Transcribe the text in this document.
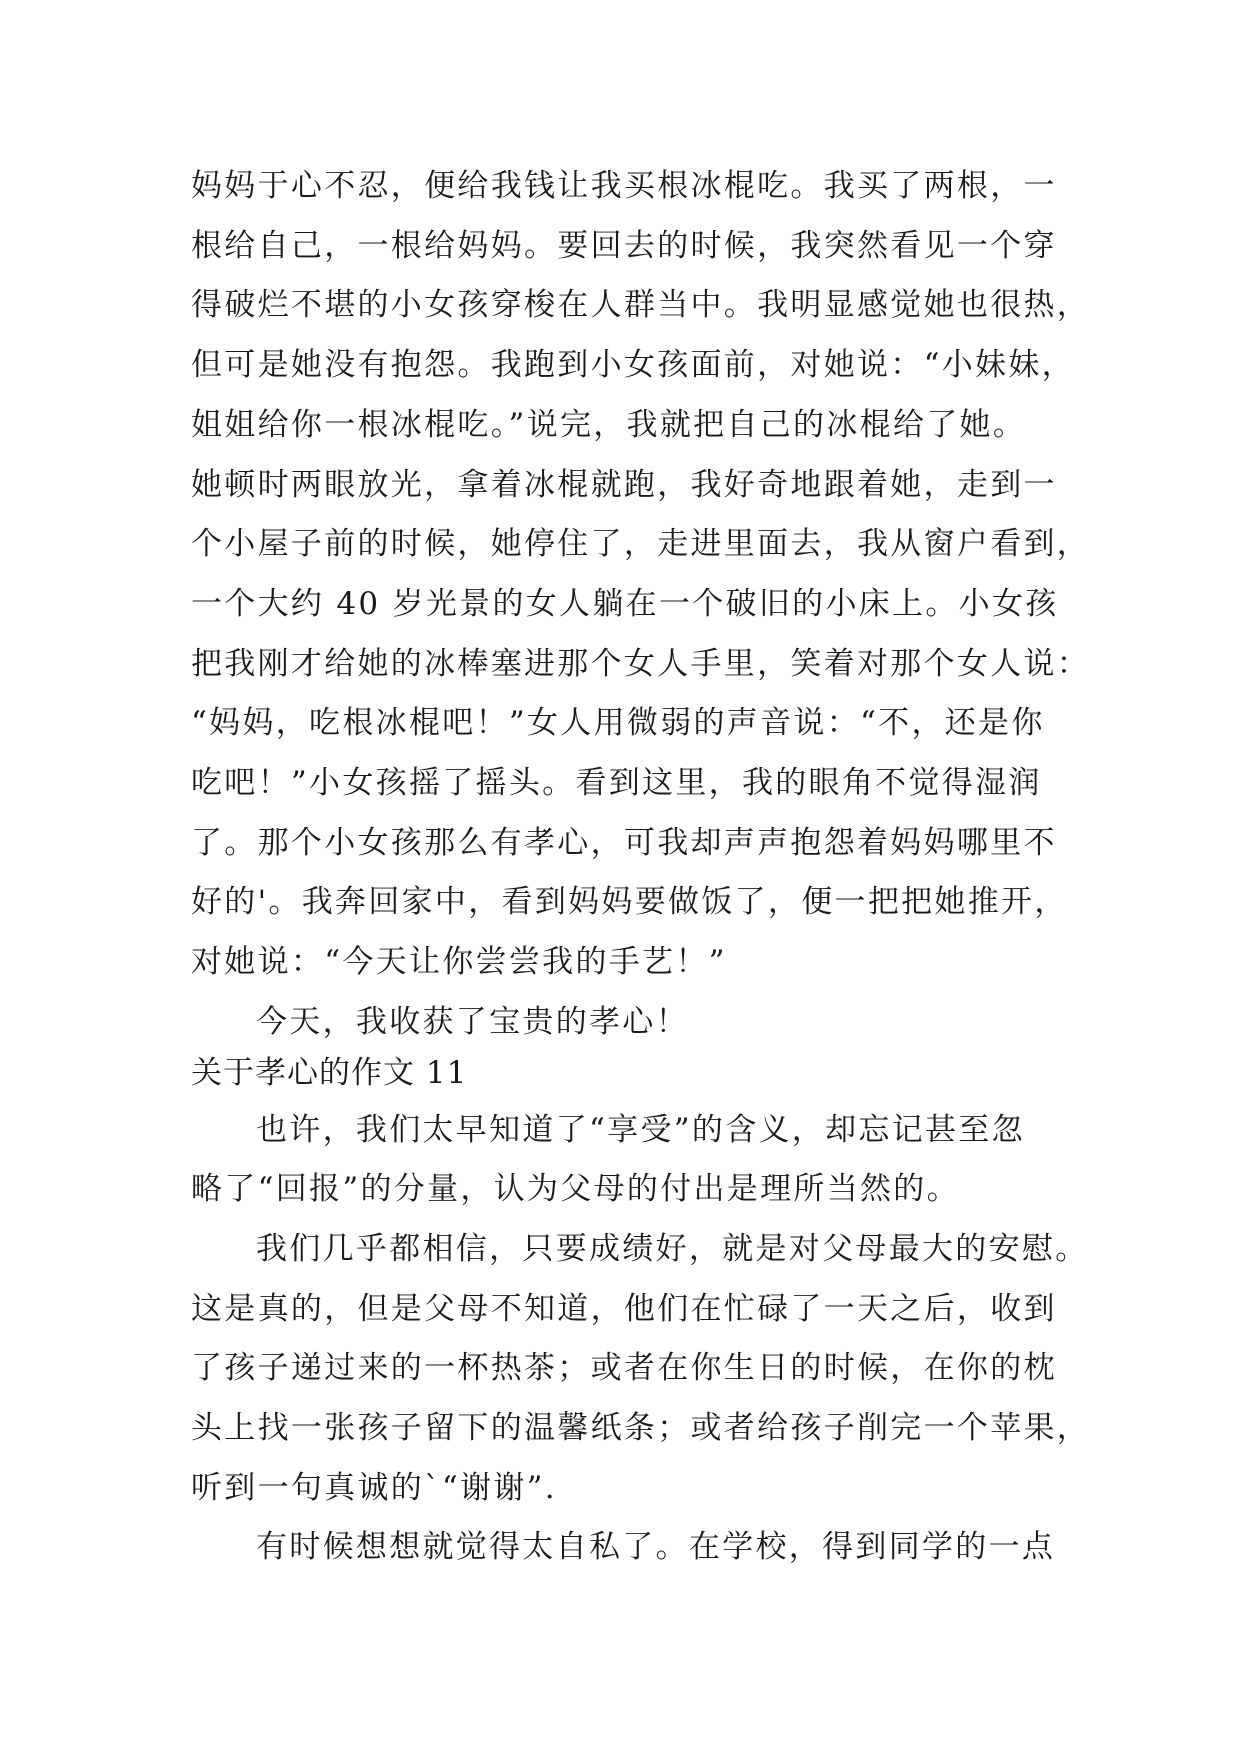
妈妈于心不忍，便给我钱让我买根冰棍吃。我买了两根，一
根给自己，一根给妈妈。要回去的时候，我突然看见一个穿
得破烂不堪的小女孩穿梭在人群当中。我明显感觉她也很热，
但可是她没有抱怨。我跑到小女孩面前，对她说：“小妹妹，
姐姐给你一根冰棍吃。”说完，我就把自己的冰棍给了她。
她顿时两眼放光，拿着冰棍就跑，我好奇地跟着她，走到一
个小屋子前的时候，她停住了，走进里面去，我从窗户看到，
一个大约 40 岁光景的女人躺在一个破旧的小床上。小女孩
把我刚才给她的冰棒塞进那个女人手里，笑着对那个女人说：
“妈妈，吃根冰棍吧！”女人用微弱的声音说：“不，还是你
吃吧！”小女孩摇了摇头。看到这里，我的眼角不觉得湿润
了。那个小女孩那么有孝心，可我却声声抱怨着妈妈哪里不
好的'。我奔回家中，看到妈妈要做饭了，便一把把她推开，
对她说：“今天让你尝尝我的手艺！”
今天，我收获了宝贵的孝心！
关于孝心的作文 11
也许，我们太早知道了“享受”的含义，却忘记甚至忽
略了“回报”的分量，认为父母的付出是理所当然的。
我们几乎都相信，只要成绩好，就是对父母最大的安慰。
这是真的，但是父母不知道，他们在忙碌了一天之后，收到
了孩子递过来的一杯热茶；或者在你生日的时候，在你的枕
头上找一张孩子留下的温馨纸条；或者给孩子削完一个苹果，
听到一句真诚的`“谢谢”.
有时候想想就觉得太自私了。在学校，得到同学的一点
